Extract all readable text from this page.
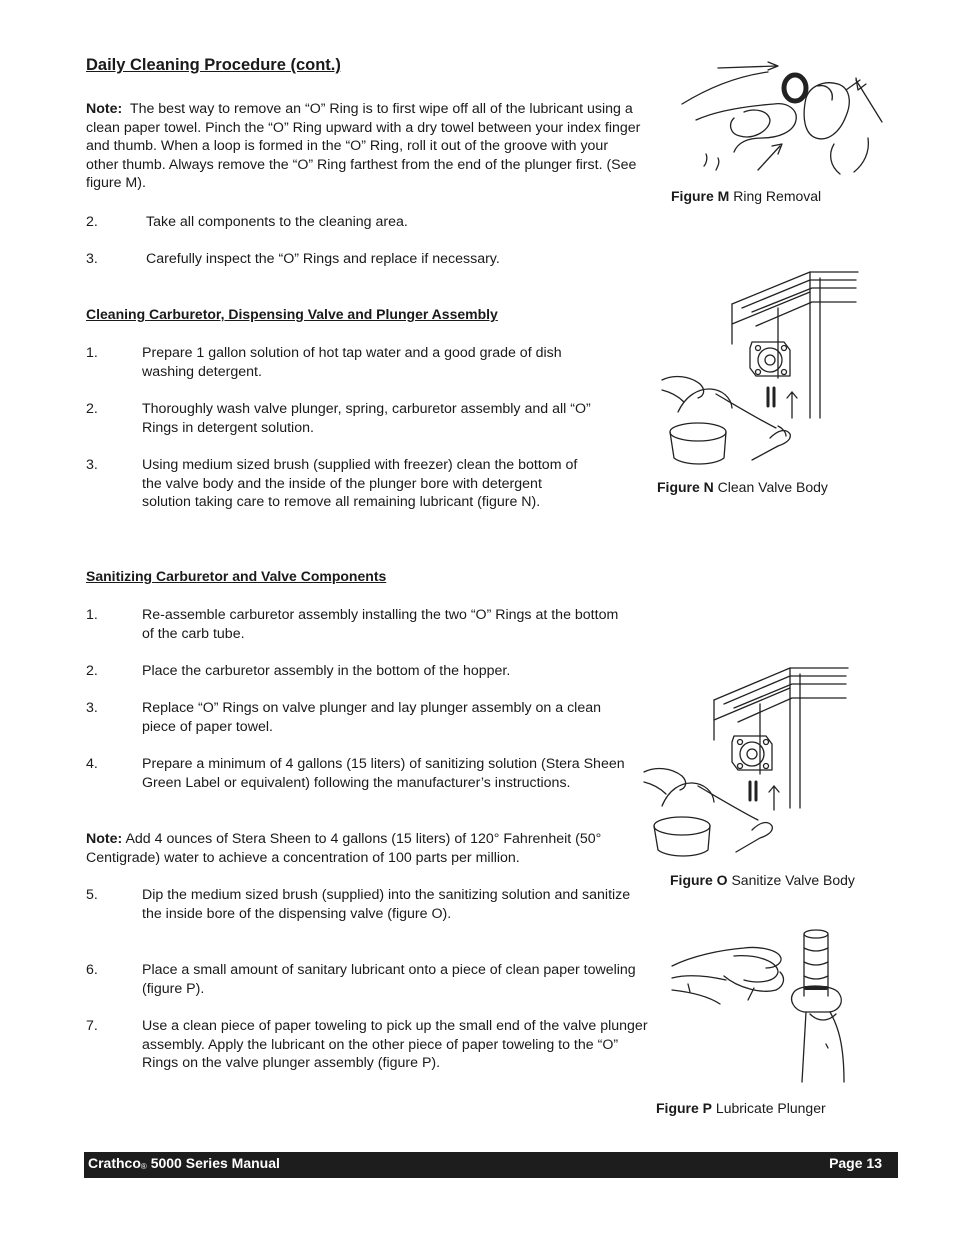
Daily Cleaning Procedure (cont.)
Note: The best way to remove an “O” Ring is to first wipe off all of the lubricant using a clean paper towel. Pinch the “O” Ring upward with a dry towel between your index finger and thumb. When a loop is formed in the “O” Ring, roll it out of the groove with your other thumb. Always remove the “O” Ring farthest from the end of the plunger first. (See figure M).
2.	Take all components to the cleaning area.
3.	Carefully inspect the “O” Rings and replace if necessary.
Cleaning Carburetor, Dispensing Valve and Plunger Assembly
1.	Prepare 1 gallon solution of hot tap water and a good grade of dish washing detergent.
2.	Thoroughly wash valve plunger, spring, carburetor assembly and all “O” Rings in detergent solution.
3.	Using medium sized brush (supplied with freezer) clean the bottom of the valve body and the inside of the plunger bore with detergent solution taking care to remove all remaining lubricant (figure N).
Sanitizing Carburetor and Valve Components
1.	Re-assemble carburetor assembly installing the two “O” Rings at the bottom of the carb tube.
2.	Place the carburetor assembly in the bottom of the hopper.
3.	Replace “O” Rings on valve plunger and lay plunger assembly on a clean piece of paper towel.
4.	Prepare a minimum of 4 gallons (15 liters) of sanitizing solution (Stera Sheen Green Label or equivalent) following the manufacturer’s instructions.
Note: Add 4 ounces of Stera Sheen to 4 gallons (15 liters) of 120° Fahrenheit (50° Centigrade) water to achieve a concentration of 100 parts per million.
5.	Dip the medium sized brush (supplied) into the sanitizing solution and sanitize the inside bore of the dispensing valve (figure O).
6.	Place a small amount of sanitary lubricant onto a piece of clean paper toweling (figure P).
7.	Use a clean piece of paper toweling to pick up the small end of the valve plunger assembly. Apply the lubricant on the other piece of paper toweling to the “O” Rings on the valve plunger assembly (figure P).
Figure M Ring Removal
Figure N Clean Valve Body
Figure O Sanitize Valve Body
Figure P Lubricate Plunger
Crathco$_®$ 5000 Series Manual	Page 13
